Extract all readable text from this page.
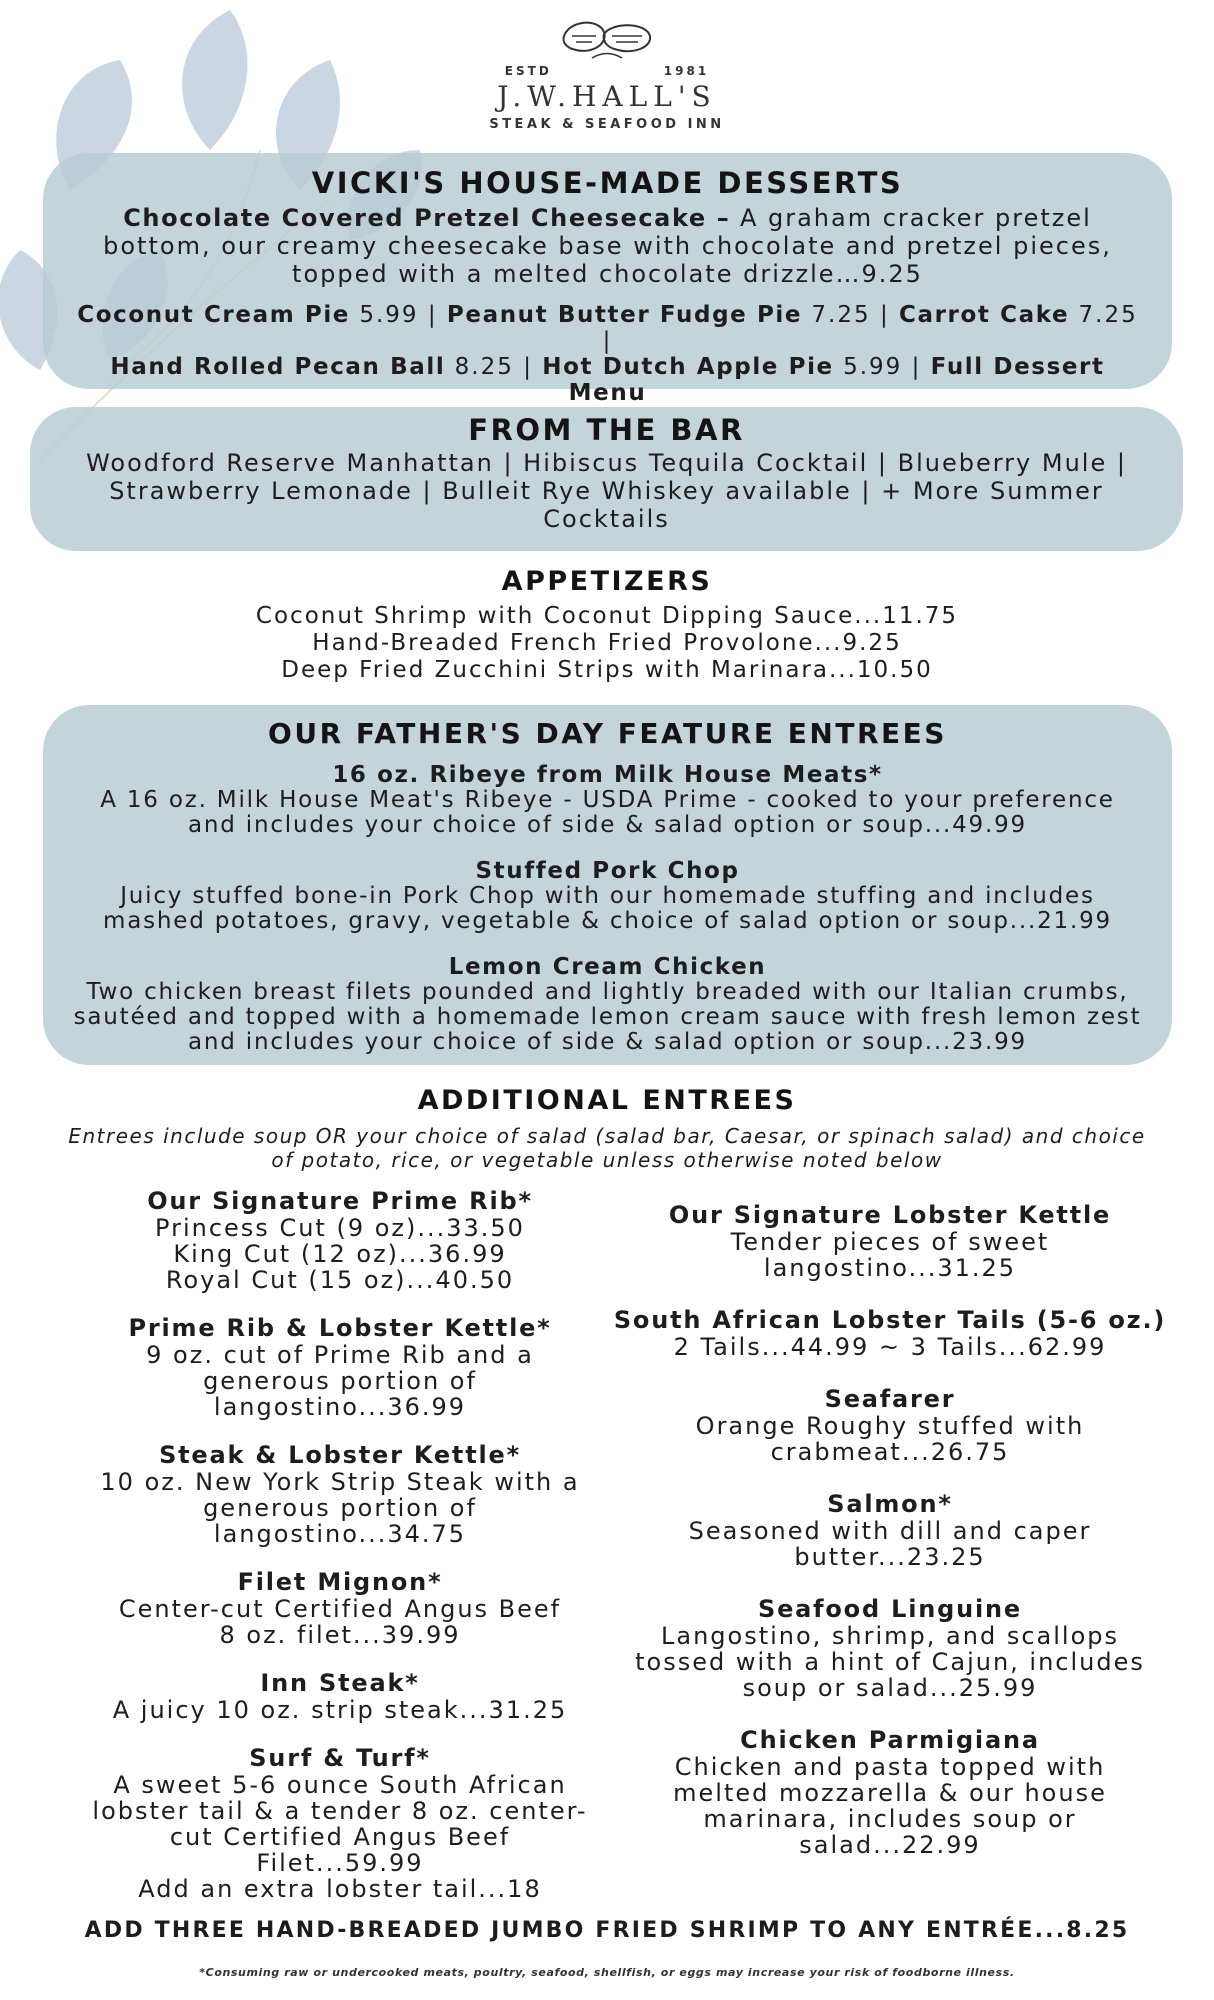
ESTD	1981
J.W.HALL'S
STEAK & SEAFOOD INN
VICKI'S HOUSE-MADE DESSERTS
Chocolate Covered Pretzel Cheesecake – A graham cracker pretzel bottom, our creamy cheesecake base with chocolate and pretzel pieces, topped with a melted chocolate drizzle…9.25
Coconut Cream Pie 5.99 | Peanut Butter Fudge Pie 7.25 | Carrot Cake 7.25 |
Hand Rolled Pecan Ball 8.25 | Hot Dutch Apple Pie 5.99 | Full Dessert Menu
FROM THE BAR
Woodford Reserve Manhattan | Hibiscus Tequila Cocktail | Blueberry Mule | Strawberry Lemonade | Bulleit Rye Whiskey available | + More Summer Cocktails
APPETIZERS
Coconut Shrimp with Coconut Dipping Sauce...11.75
Hand-Breaded French Fried Provolone...9.25
Deep Fried Zucchini Strips with Marinara...10.50
OUR FATHER'S DAY FEATURE ENTREES
16 oz. Ribeye from Milk House Meats*
A 16 oz. Milk House Meat's Ribeye - USDA Prime - cooked to your preference and includes your choice of side & salad option or soup...49.99
Stuffed Pork Chop
Juicy stuffed bone-in Pork Chop with our homemade stuffing and includes mashed potatoes, gravy, vegetable & choice of salad option or soup...21.99
Lemon Cream Chicken
Two chicken breast filets pounded and lightly breaded with our Italian crumbs, sautéed and topped with a homemade lemon cream sauce with fresh lemon zest and includes your choice of side & salad option or soup...23.99
ADDITIONAL ENTREES
Entrees include soup OR your choice of salad (salad bar, Caesar, or spinach salad) and choice of potato, rice, or vegetable unless otherwise noted below
Our Signature Prime Rib*
Princess Cut (9 oz)...33.50
King Cut (12 oz)...36.99
Royal Cut (15 oz)...40.50
Prime Rib & Lobster Kettle*
9 oz. cut of Prime Rib and a
generous portion of
langostino...36.99
Steak & Lobster Kettle*
10 oz. New York Strip Steak with a
generous portion of
langostino...34.75
Filet Mignon*
Center-cut Certified Angus Beef
8 oz. filet...39.99
Inn Steak*
A juicy 10 oz. strip steak...31.25
Surf & Turf*
A sweet 5-6 ounce South African
lobster tail & a tender 8 oz. center-
cut Certified Angus Beef
Filet...59.99
Add an extra lobster tail...18
Our Signature Lobster Kettle
Tender pieces of sweet
langostino...31.25
South African Lobster Tails (5-6 oz.)
2 Tails...44.99 ~ 3 Tails...62.99
Seafarer
Orange Roughy stuffed with
crabmeat...26.75
Salmon*
Seasoned with dill and caper
butter...23.25
Seafood Linguine
Langostino, shrimp, and scallops
tossed with a hint of Cajun, includes
soup or salad...25.99
Chicken Parmigiana
Chicken and pasta topped with
melted mozzarella & our house
marinara, includes soup or
salad...22.99
ADD THREE HAND-BREADED JUMBO FRIED SHRIMP TO ANY ENTRÉE...8.25
*Consuming raw or undercooked meats, poultry, seafood, shellfish, or eggs may increase your risk of foodborne illness.
